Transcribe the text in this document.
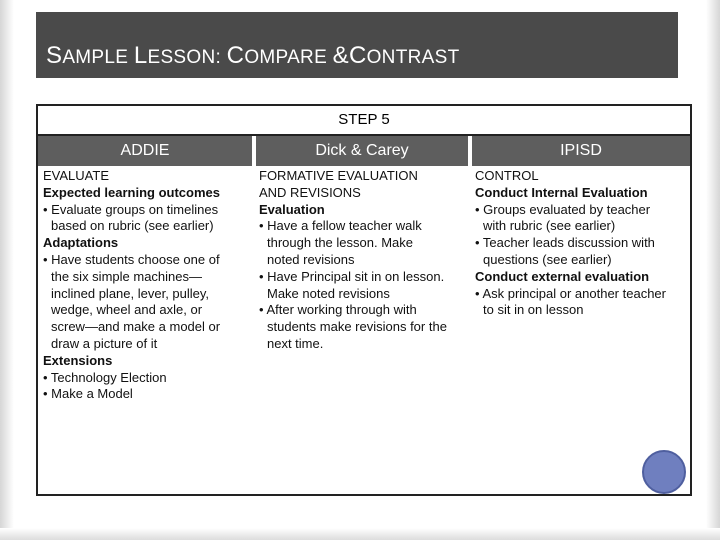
SAMPLE LESSON: COMPARE &CONTRAST
STEP 5
ADDIE	Dick & Carey	IPISD
EVALUATE
Expected learning outcomes
• Evaluate groups on timelines
based on rubric (see earlier)
Adaptations
• Have students choose one of
the six simple machines—
inclined plane, lever, pulley,
wedge, wheel and axle, or
screw—and make a model or
draw a picture of it
Extensions
• Technology Election
• Make a Model
FORMATIVE EVALUATION
AND REVISIONS
Evaluation
• Have a fellow teacher walk
through the lesson. Make
noted revisions
• Have Principal sit in on lesson.
Make noted revisions
• After working through with
students make revisions for the
next time.
CONTROL
Conduct Internal Evaluation
• Groups evaluated by teacher
with rubric (see earlier)
• Teacher leads discussion with
questions (see earlier)
Conduct external evaluation
• Ask principal or another teacher
to sit in on lesson
